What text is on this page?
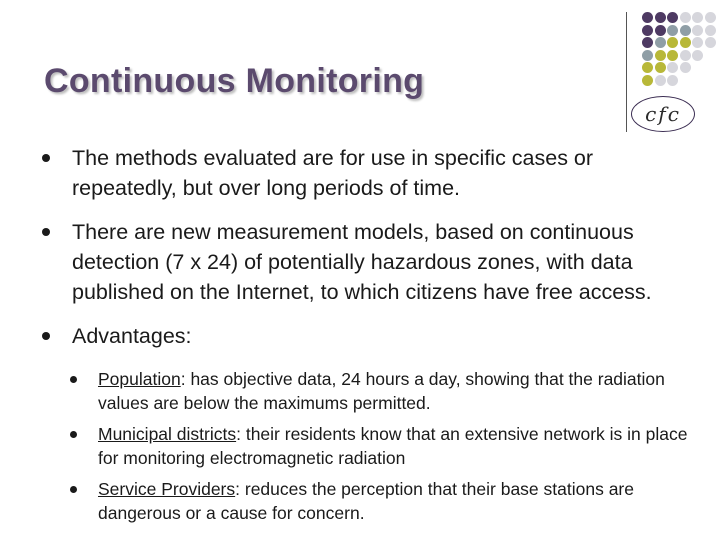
Continuous Monitoring
cfc
The methods evaluated are for use in specific cases or repeatedly, but over long periods of time.
There are new measurement models, based on continuous detection (7 x 24) of potentially hazardous zones, with data published on the Internet, to which citizens have free access.
Advantages:
Population: has objective data, 24 hours a day, showing that the radiation values are below the maximums permitted.
Municipal districts: their residents know that an extensive network is in place for monitoring electromagnetic radiation
Service Providers: reduces the perception that their base stations are dangerous or a cause for concern.
